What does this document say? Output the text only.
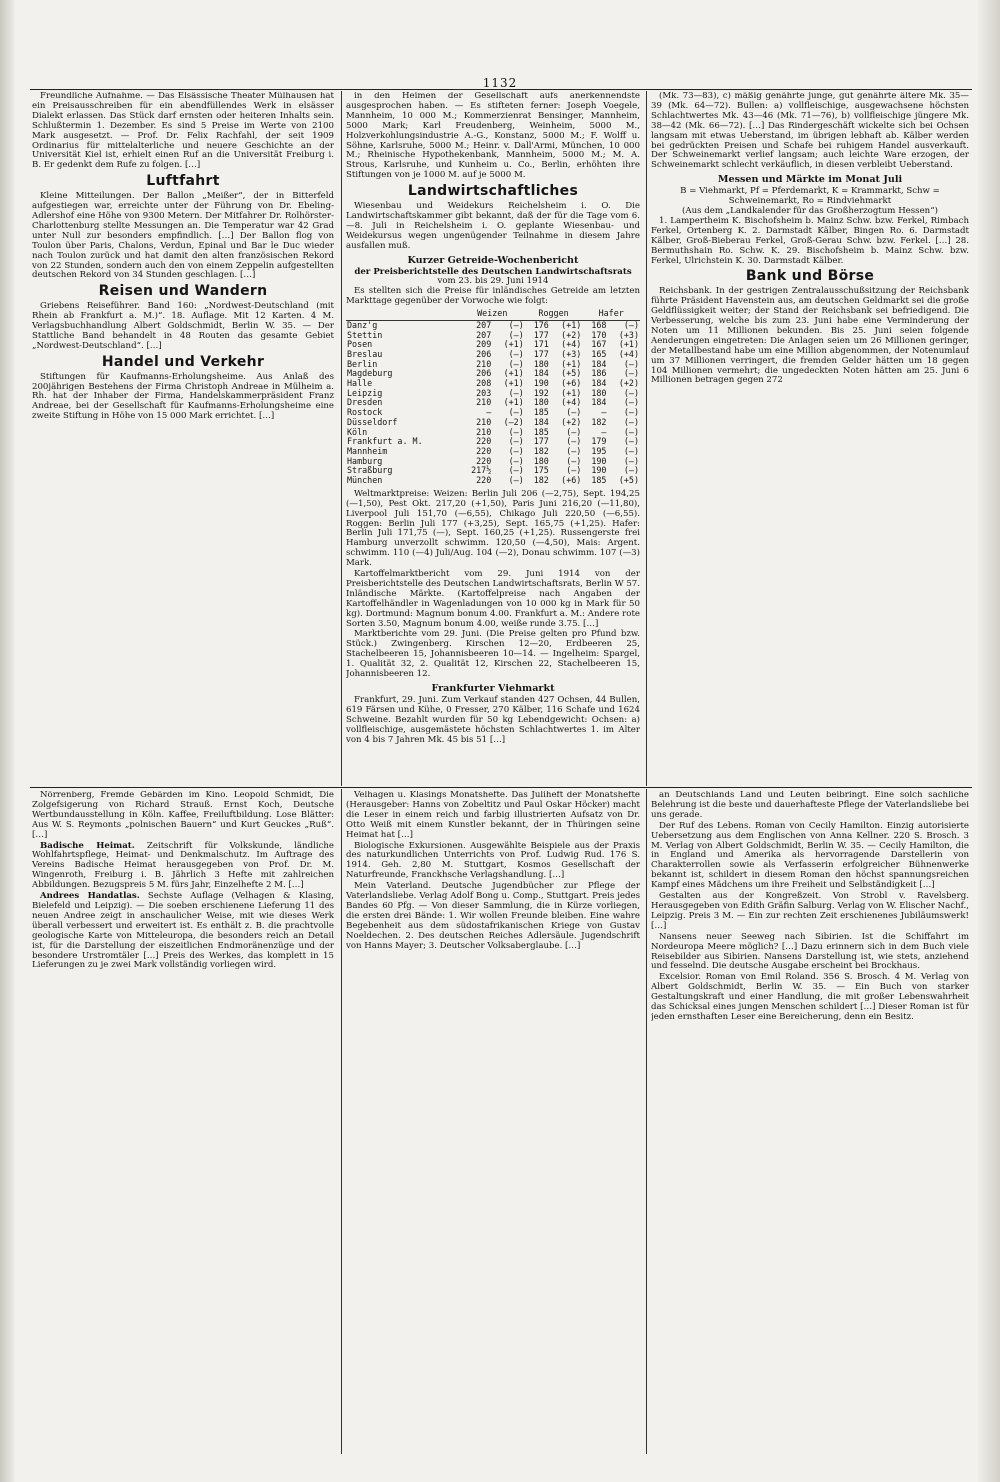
1132

Freundliche Aufnahme. — Das Elsässische Theater Mülhausen hat ein Preisausschreiben für ein abendfüllendes Werk in elsässer Dialekt erlassen. Das Stück darf ernsten oder heiteren Inhalts sein. Schlußtermin 1. Dezember. Es sind 5 Preise im Werte von 2100 Mark ausgesetzt. — Prof. Dr. Felix Rachfahl, der seit 1909 Ordinarius für mittelalterliche und neuere Geschichte an der Universität Kiel ist, erhielt einen Ruf an die Universität Freiburg i. B. Er gedenkt dem Rufe zu folgen. […]

Luftfahrt

Kleine Mitteilungen. Der Ballon „Meißer“, der in Bitterfeld aufgestiegen war, erreichte unter der Führung von Dr. Ebeling-Adlershof eine Höhe von 9300 Metern. Der Mitfahrer Dr. Rolhörster-Charlottenburg stellte Messungen an. Die Temperatur war 42 Grad unter Null zur besonders empfindlich. […] Der Ballon flog von Toulon über Paris, Chalons, Verdun, Epinal und Bar le Duc wieder nach Toulon zurück und hat damit den alten französischen Rekord von 22 Stunden, sondern auch den von einem Zeppelin aufgestellten deutschen Rekord von 34 Stunden geschlagen. […]

Reisen und Wandern

Griebens Reiseführer. Band 160: „Nordwest-Deutschland (mit Rhein ab Frankfurt a. M.)“. 18. Auflage. Mit 12 Karten. 4 M. Verlagsbuchhandlung Albert Goldschmidt, Berlin W. 35. — Der Stattliche Band behandelt in 48 Routen das gesamte Gebiet „Nordwest-Deutschland“. […]

Handel und Verkehr

Stiftungen für Kaufmanns-Erholungsheime. Aus Anlaß des 200jährigen Bestehens der Firma Christoph Andreae in Mülheim a. Rh. hat der Inhaber der Firma, Handelskammerpräsident Franz Andreae, bei der Gesellschaft für Kaufmanns-Erholungsheime eine zweite Stiftung in Höhe von 15 000 Mark errichtet. […]

in den Heimen der Gesellschaft aufs anerkennendste ausgesprochen haben. — Es stifteten ferner: Joseph Voegele, Mannheim, 10 000 M.; Kommerzienrat Bensinger, Mannheim, 5000 Mark; Karl Freudenberg, Weinheim, 5000 M., Holzverkohlungsindustrie A.-G., Konstanz, 5000 M.; F. Wolff u. Söhne, Karlsruhe, 5000 M.; Heinr. v. Dall'Armi, München, 10 000 M.; Rheinische Hypothekenbank, Mannheim, 5000 M.; M. A. Strous, Karlsruhe, und Kunheim u. Co., Berlin, erhöhten ihre Stiftungen von je 1000 M. auf je 5000 M.

Landwirtschaftliches

Wiesenbau und Weidekurs Reichelsheim i. O. Die Landwirtschaftskammer gibt bekannt, daß der für die Tage vom 6.—8. Juli in Reichelsheim i. O. geplante Wiesenbau- und Weidekursus wegen ungenügender Teilnahme in diesem Jahre ausfallen muß.

Kurzer Getreide-Wochenbericht
der Preisberichtstelle des Deutschen Landwirtschaftsrats
vom 23. bis 29. Juni 1914

Es stellten sich die Preise für inländisches Getreide am letzten Markttage gegenüber der Vorwoche wie folgt:

	Weizen		Roggen		Hafer	
Danz'g	207	(—)	176	(+1)	168	(—)
Stettin	207	(—)	177	(+2)	170	(+3)
Posen	209	(+1)	171	(+4)	167	(+1)
Breslau	206	(—)	177	(+3)	165	(+4)
Berlin	210	(—)	180	(+1)	184	(—)
Magdeburg	206	(+1)	184	(+5)	186	(—)
Halle	208	(+1)	190	(+6)	184	(+2)
Leipzig	203	(—)	192	(+1)	180	(—)
Dresden	210	(+1)	180	(+4)	184	(—)
Rostock	—	(—)	185	(—)	—	(—)
Düsseldorf	210	(—2)	184	(+2)	182	(—)
Köln	210	(—)	185	(—)	—	(—)
Frankfurt a. M.	220	(—)	177	(—)	179	(—)
Mannheim	220	(—)	182	(—)	195	(—)
Hamburg	220	(—)	180	(—)	190	(—)
Straßburg	217½	(—)	175	(—)	190	(—)
München	220	(—)	182	(+6)	185	(+5)

Weltmarktpreise: Weizen: Berlin Juli 206 (—2,75), Sept. 194,25 (—1,50), Pest Okt. 217,20 (+1,50), Paris Juni 216,20 (—11,80), Liverpool Juli 151,70 (—6,55), Chikago Juli 220,50 (—6,55). Roggen: Berlin Juli 177 (+3,25), Sept. 165,75 (+1,25). Hafer: Berlin Juli 171,75 (—), Sept. 160,25 (+1,25). Russengerste frei Hamburg unverzollt schwimm. 120,50 (—4,50), Mais: Argent. schwimm. 110 (—4) Juli/Aug. 104 (—2), Donau schwimm. 107 (—3) Mark.

Kartoffelmarktbericht vom 29. Juni 1914 von der Preisberichtstelle des Deutschen Landwirtschaftsrats, Berlin W 57. Inländische Märkte. (Kartoffelpreise nach Angaben der Kartoffelhändler in Wagenladungen von 10 000 kg in Mark für 50 kg). Dortmund: Magnum bonum 4.00. Frankfurt a. M.: Andere rote Sorten 3.50, Magnum bonum 4.00, weiße runde 3.75. […]

Marktberichte vom 29. Juni. (Die Preise gelten pro Pfund bzw. Stück.) Zwingenberg. Kirschen 12—20, Erdbeeren 25, Stachelbeeren 15, Johannisbeeren 10—14. — Ingelheim: Spargel, 1. Qualität 32, 2. Qualität 12, Kirschen 22, Stachelbeeren 15, Johannisbeeren 12.

Frankfurter Viehmarkt

Frankfurt, 29. Juni. Zum Verkauf standen 427 Ochsen, 44 Bullen, 619 Färsen und Kühe, 0 Fresser, 270 Kälber, 116 Schafe und 1624 Schweine. Bezahlt wurden für 50 kg Lebendgewicht: Ochsen: a) vollfleischige, ausgemästete höchsten Schlachtwertes 1. im Alter von 4 bis 7 Jahren Mk. 45 bis 51 […]

(Mk. 73—83), c) mäßig genährte junge, gut genährte ältere Mk. 35—39 (Mk. 64—72). Bullen: a) vollfleischige, ausgewachsene höchsten Schlachtwertes Mk. 43—46 (Mk. 71—76), b) vollfleischige jüngere Mk. 38—42 (Mk. 66—72). […] Das Rindergeschäft wickelte sich bei Ochsen langsam mit etwas Ueberstand, im übrigen lebhaft ab. Kälber werden bei gedrückten Preisen und Schafe bei ruhigem Handel ausverkauft. Der Schweinemarkt verlief langsam; auch leichte Ware erzogen, der Schweinemarkt schlecht verkäuflich, in diesen verbleibt Ueberstand.

Messen und Märkte im Monat Juli
B = Viehmarkt, Pf = Pferdemarkt, K = Krammarkt, Schw = Schweinemarkt, Ro = Rindviehmarkt
(Aus dem „Landkalender für das Großherzogtum Hessen“)

1. Lampertheim K. Bischofsheim b. Mainz Schw. bzw. Ferkel, Rimbach Ferkel, Ortenberg K. 2. Darmstadt Kälber, Bingen Ro. 6. Darmstadt Kälber, Groß-Bieberau Ferkel, Groß-Gerau Schw. bzw. Ferkel. […] 28. Bermuthshain Ro. Schw. K. 29. Bischofsheim b. Mainz Schw. bzw. Ferkel, Ulrichstein K. 30. Darmstadt Kälber.

Bank und Börse

Reichsbank. In der gestrigen Zentralausschußsitzung der Reichsbank führte Präsident Havenstein aus, am deutschen Geldmarkt sei die große Geldflüssigkeit weiter; der Stand der Reichsbank sei befriedigend. Die Verbesserung, welche bis zum 23. Juni habe eine Verminderung der Noten um 11 Millionen bekunden. Bis 25. Juni seien folgende Aenderungen eingetreten: Die Anlagen seien um 26 Millionen geringer, der Metallbestand habe um eine Million abgenommen, der Notenumlauf um 37 Millionen verringert, die fremden Gelder hätten um 18 gegen 104 Millionen vermehrt; die ungedeckten Noten hätten am 25. Juni 6 Millionen betragen gegen 272

Nörrenberg, Fremde Gebärden im Kino. Leopold Schmidt, Die Zolgefsigerung von Richard Strauß. Ernst Koch, Deutsche Wertbundausstellung in Köln. Kaffee, Freiluftbildung. Lose Blätter: Aus W. S. Reymonts „polnischen Bauern“ und Kurt Geuckes „Ruß“. […]

Badische Heimat. Zeitschrift für Volkskunde, ländliche Wohlfahrtspflege, Heimat- und Denkmalschutz. Im Auftrage des Vereins Badische Heimat herausgegeben von Prof. Dr. M. Wingenroth, Freiburg i. B. Jährlich 3 Hefte mit zahlreichen Abbildungen. Bezugspreis 5 M. fürs Jahr, Einzelhefte 2 M. […]

Andrees Handatlas. Sechste Auflage (Velhagen & Klasing, Bielefeld und Leipzig). — Die soeben erschienene Lieferung 11 des neuen Andree zeigt in anschaulicher Weise, mit wie dieses Werk überall verbessert und erweitert ist. Es enthält z. B. die prachtvolle geologische Karte von Mitteleuropa, die besonders reich an Detail ist, für die Darstellung der eiszeitlichen Endmoränenzüge und der besondere Urstromtäler […] Preis des Werkes, das komplett in 15 Lieferungen zu je zwei Mark vollständig vorliegen wird.

Velhagen u. Klasings Monatshefte. Das Juliheft der Monatshefte (Herausgeber: Hanns von Zobeltitz und Paul Oskar Höcker) macht die Leser in einem reich und farbig illustrierten Aufsatz von Dr. Otto Weiß mit einem Kunstler bekannt, der in Thüringen seine Heimat hat […]

Biologische Exkursionen. Ausgewählte Beispiele aus der Praxis des naturkundlichen Unterrichts von Prof. Ludwig Rud. 176 S. 1914. Geh. 2,80 M. Stuttgart, Kosmos Gesellschaft der Naturfreunde, Franckhsche Verlagshandlung. […]

Mein Vaterland. Deutsche Jugendbücher zur Pflege der Vaterlandsliebe. Verlag Adolf Bong u. Comp., Stuttgart. Preis jedes Bandes 60 Pfg. — Von dieser Sammlung, die in Kürze vorliegen, die ersten drei Bände: 1. Wir wollen Freunde bleiben. Eine wahre Begebenheit aus dem südostafrikanischen Kriege von Gustav Noeldechen. 2. Des deutschen Reiches Adlersäule. Jugendschrift von Hanns Mayer; 3. Deutscher Volksaberglaube. […]

an Deutschlands Land und Leuten beibringt. Eine solch sachliche Belehrung ist die beste und dauerhafteste Pflege der Vaterlandsliebe bei uns gerade.

Der Ruf des Lebens. Roman von Cecily Hamilton. Einzig autorisierte Uebersetzung aus dem Englischen von Anna Kellner. 220 S. Brosch. 3 M. Verlag von Albert Goldschmidt, Berlin W. 35. — Cecily Hamilton, die in England und Amerika als hervorragende Darstellerin von Charakterrollen sowie als Verfasserin erfolgreicher Bühnenwerke bekannt ist, schildert in diesem Roman den höchst spannungsreichen Kampf eines Mädchens um ihre Freiheit und Selbständigkeit […]

Gestalten aus der Kongreßzeit. Von Strobl v. Ravelsberg. Herausgegeben von Edith Gräfin Salburg. Verlag von W. Elischer Nachf., Leipzig. Preis 3 M. — Ein zur rechten Zeit erschienenes Jubiläumswerk! […]

Nansens neuer Seeweg nach Sibirien. Ist die Schiffahrt im Nordeuropa Meere möglich? […] Dazu erinnern sich in dem Buch viele Reisebilder aus Sibirien. Nansens Darstellung ist, wie stets, anziehend und fesselnd. Die deutsche Ausgabe erscheint bei Brockhaus.

Excelsior. Roman von Emil Roland. 356 S. Brosch. 4 M. Verlag von Albert Goldschmidt, Berlin W. 35. — Ein Buch von starker Gestaltungskraft und einer Handlung, die mit großer Lebenswahrheit das Schicksal eines jungen Menschen schildert […] Dieser Roman ist für jeden ernsthaften Leser eine Bereicherung, denn ein Besitz.
